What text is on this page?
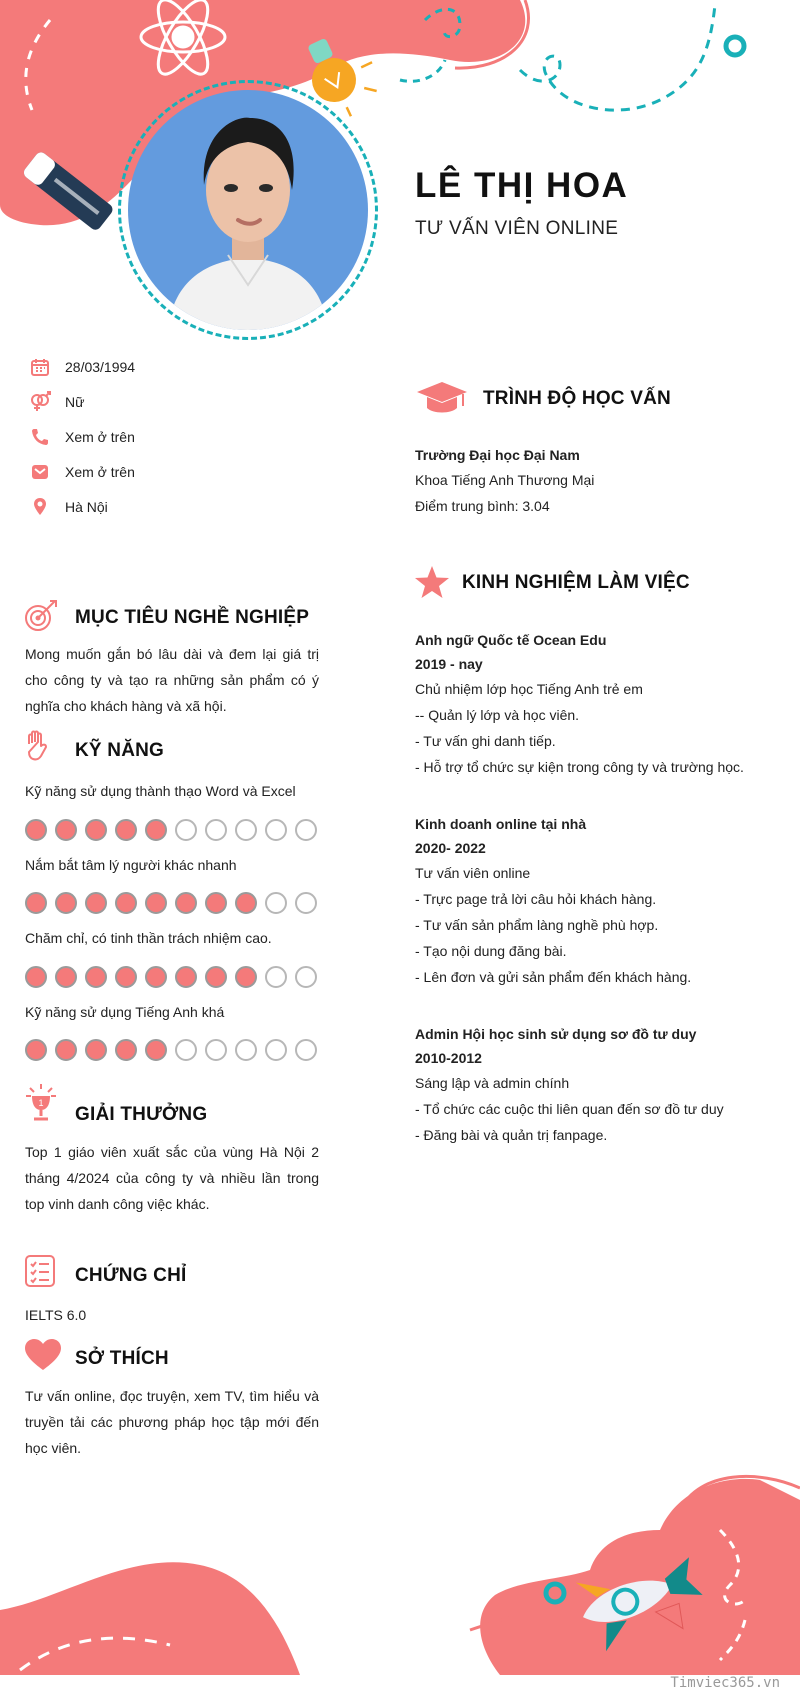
LÊ THỊ HOA
TƯ VẤN VIÊN ONLINE
28/03/1994
Nữ
Xem ở trên
Xem ở trên
Hà Nội
MỤC TIÊU NGHỀ NGHIỆP
Mong muốn gắn bó lâu dài và đem lại giá trị cho công ty và tạo ra những sản phẩm có ý nghĩa cho khách hàng và xã hội.
KỸ NĂNG
Kỹ năng sử dụng thành thạo Word và Excel
Nắm bắt tâm lý người khác nhanh
Chăm chỉ, có tinh thần trách nhiệm cao.
Kỹ năng sử dụng Tiếng Anh khá
1
GIẢI THƯỞNG
Top 1 giáo viên xuất sắc của vùng Hà Nội 2 tháng 4/2024 của công ty và nhiều lần trong top vinh danh công việc khác.
CHỨNG CHỈ
IELTS 6.0
SỞ THÍCH
Tư vấn online, đọc truyện, xem TV, tìm hiểu và truyền tải các phương pháp học tập mới đến học viên.
TRÌNH ĐỘ HỌC VẤN
Trường Đại học Đại Nam
Khoa Tiếng Anh Thương Mại
Điểm trung bình: 3.04
KINH NGHIỆM LÀM VIỆC
Anh ngữ Quốc tế Ocean Edu
2019 - nay
Chủ nhiệm lớp học Tiếng Anh trẻ em
-- Quản lý lớp và học viên.
- Tư vấn ghi danh tiếp.
- Hỗ trợ tổ chức sự kiện trong công ty và trường học.
Kinh doanh online tại nhà
2020- 2022
Tư vấn viên online
- Trực page trả lời câu hỏi khách hàng.
- Tư vấn sản phẩm làng nghề phù hợp.
- Tạo nội dung đăng bài.
- Lên đơn và gửi sản phẩm đến khách hàng.
Admin Hội học sinh sử dụng sơ đồ tư duy
2010-2012
Sáng lập và admin chính
- Tổ chức các cuộc thi liên quan đến sơ đồ tư duy
- Đăng bài và quản trị fanpage.
Timviec365.vn
